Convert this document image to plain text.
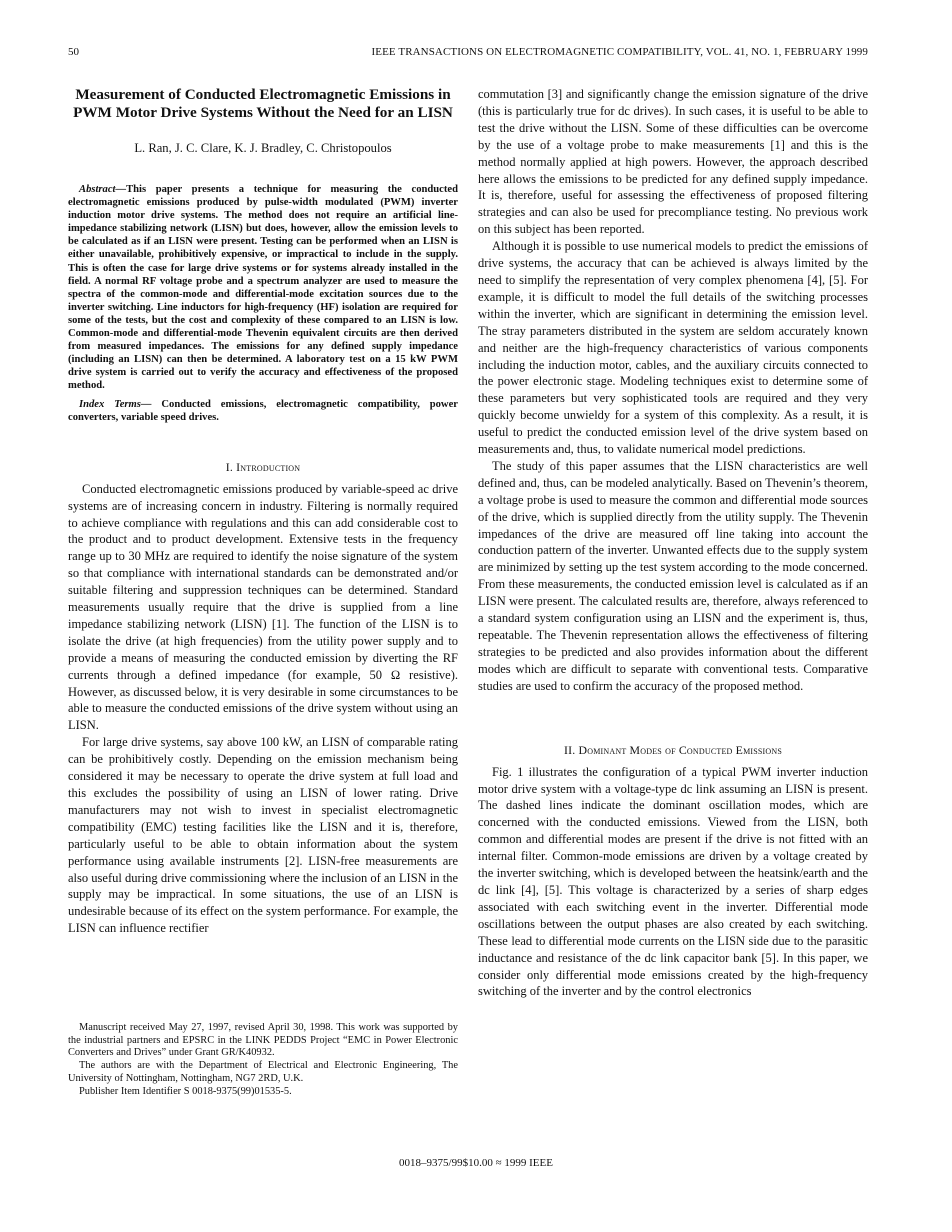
50	IEEE TRANSACTIONS ON ELECTROMAGNETIC COMPATIBILITY, VOL. 41, NO. 1, FEBRUARY 1999
Measurement of Conducted Electromagnetic Emissions in PWM Motor Drive Systems Without the Need for an LISN
L. Ran, J. C. Clare, K. J. Bradley, C. Christopoulos

Abstract—This paper presents a technique for measuring the conducted electromagnetic emissions produced by pulse-width modulated (PWM) inverter induction motor drive systems. The method does not require an artificial line-impedance stabilizing network (LISN) but does, however, allow the emission levels to be calculated as if an LISN were present. Testing can be performed when an LISN is either unavailable, prohibitively expensive, or impractical to include in the supply. This is often the case for large drive systems or for systems already installed in the field. A normal RF voltage probe and a spectrum analyzer are used to measure the spectra of the common-mode and differential-mode excitation sources due to the inverter switching. Line inductors for high-frequency (HF) isolation are required for some of the tests, but the cost and complexity of these compared to an LISN is low. Common-mode and differential-mode Thevenin equivalent circuits are then derived from measured impedances. The emissions for any defined supply impedance (including an LISN) can then be determined. A laboratory test on a 15 kW PWM drive system is carried out to verify the accuracy and effectiveness of the proposed method.

Index Terms— Conducted emissions, electromagnetic compatibility, power converters, variable speed drives.

I. Introduction

Conducted electromagnetic emissions produced by variable-speed ac drive systems are of increasing concern in industry. Filtering is normally required to achieve compliance with regulations and this can add considerable cost to the product and to product development. Extensive tests in the frequency range up to 30 MHz are required to identify the noise signature of the system so that compliance with international standards can be demonstrated and/or suitable filtering and suppression techniques can be determined. Standard measurements usually require that the drive is supplied from a line impedance stabilizing network (LISN) [1]. The function of the LISN is to isolate the drive (at high frequencies) from the utility power supply and to provide a means of measuring the conducted emission by diverting the RF currents through a defined impedance (for example, 50 Ω resistive). However, as discussed below, it is very desirable in some circumstances to be able to measure the conducted emissions of the drive system without using an LISN.

For large drive systems, say above 100 kW, an LISN of comparable rating can be prohibitively costly. Depending on the emission mechanism being considered it may be necessary to operate the drive system at full load and this excludes the possibility of using an LISN of lower rating. Drive manufacturers may not wish to invest in specialist electromagnetic compatibility (EMC) testing facilities like the LISN and it is, therefore, particularly useful to be able to obtain information about the system performance using available instruments [2]. LISN-free measurements are also useful during drive commissioning where the inclusion of an LISN in the supply may be impractical. In some situations, the use of an LISN is undesirable because of its effect on the system performance. For example, the LISN can influence rectifier

Manuscript received May 27, 1997, revised April 30, 1998. This work was supported by the industrial partners and EPSRC in the LINK PEDDS Project “EMC in Power Electronic Converters and Drives” under Grant GR/K40932.

The authors are with the Department of Electrical and Electronic Engineering, The University of Nottingham, Nottingham, NG7 2RD, U.K.

Publisher Item Identifier S 0018-9375(99)01535-5.

commutation [3] and significantly change the emission signature of the drive (this is particularly true for dc drives). In such cases, it is useful to be able to test the drive without the LISN. Some of these difficulties can be overcome by the use of a voltage probe to make measurements [1] and this is the method normally applied at high powers. However, the approach described here allows the emissions to be predicted for any defined supply impedance. It is, therefore, useful for assessing the effectiveness of proposed filtering strategies and can also be used for precompliance testing. No previous work on this subject has been reported.

Although it is possible to use numerical models to predict the emissions of drive systems, the accuracy that can be achieved is always limited by the need to simplify the representation of very complex phenomena [4], [5]. For example, it is difficult to model the full details of the switching processes within the inverter, which are significant in determining the emission level. The stray parameters distributed in the system are seldom accurately known and neither are the high-frequency characteristics of various components including the induction motor, cables, and the auxiliary circuits connected to the power electronic stage. Modeling techniques exist to determine some of these parameters but very sophisticated tools are required and they very quickly become unwieldy for a system of this complexity. As a result, it is useful to predict the conducted emission level of the drive system based on measurements and, thus, to validate numerical model predictions.

The study of this paper assumes that the LISN characteristics are well defined and, thus, can be modeled analytically. Based on Thevenin’s theorem, a voltage probe is used to measure the common and differential mode sources of the drive, which is supplied directly from the utility supply. The Thevenin impedances of the drive are measured off line taking into account the conduction pattern of the inverter. Unwanted effects due to the supply system are minimized by setting up the test system according to the mode concerned. From these measurements, the conducted emission level is calculated as if an LISN were present. The calculated results are, therefore, always referenced to a standard system configuration using an LISN and the experiment is, thus, repeatable. The Thevenin representation allows the effectiveness of filtering strategies to be predicted and also provides information about the different modes which are difficult to separate with conventional tests. Comparative studies are used to confirm the accuracy of the proposed method.

II. Dominant Modes of Conducted Emissions

Fig. 1 illustrates the configuration of a typical PWM inverter induction motor drive system with a voltage-type dc link assuming an LISN is present. The dashed lines indicate the dominant oscillation modes, which are concerned with the conducted emissions. Viewed from the LISN, both common and differential modes are present if the drive is not fitted with an internal filter. Common-mode emissions are driven by a voltage created by the inverter switching, which is developed between the heatsink/earth and the dc link [4], [5]. This voltage is characterized by a series of sharp edges associated with each switching event in the inverter. Differential mode oscillations between the output phases are also created by each switching. These lead to differential mode currents on the LISN side due to the parasitic inductance and resistance of the dc link capacitor bank [5]. In this paper, we consider only differential mode emissions created by the high-frequency switching of the inverter and by the control electronics

0018–9375/99$10.00 ≈ 1999 IEEE
